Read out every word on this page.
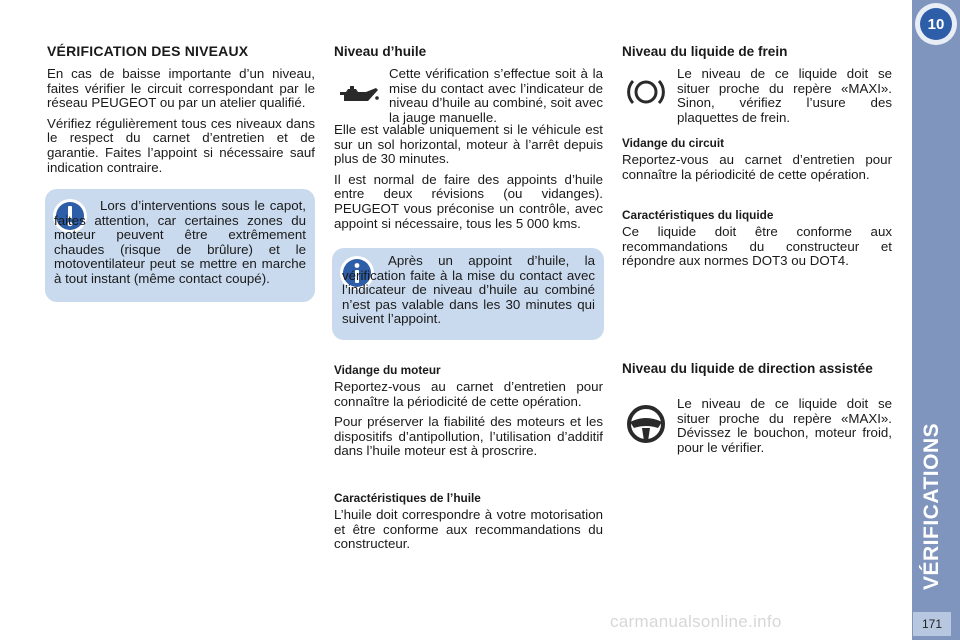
VÉRIFICATION DES NIVEAUX

En cas de baisse importante d’un niveau, faites vérifier le circuit correspondant par le réseau PEUGEOT ou par un atelier qualifié.

Vérifiez régulièrement tous ces niveaux dans le respect du carnet d’entretien et de garantie. Faites l’appoint si nécessaire sauf indication contraire.

Lors d’interventions sous le capot, faites attention, car certaines zones du moteur peuvent être extrêmement chaudes (risque de brûlure) et le motoventilateur peut se mettre en marche à tout instant (même contact coupé).
Niveau d’huile
Cette vérification s’effectue soit à la mise du contact avec l’indicateur de niveau d’huile au combiné, soit avec la jauge manuelle.

Elle est valable uniquement si le véhicule est sur un sol horizontal, moteur à l’arrêt depuis plus de 30 minutes.

Il est normal de faire des appoints d’huile entre deux révisions (ou vidanges). PEUGEOT vous préconise un contrôle, avec appoint si nécessaire, tous les 5 000 kms.

Après un appoint d’huile, la vérification faite à la mise du contact avec l’indicateur de niveau d’huile au combiné n’est pas valable dans les 30 minutes qui suivent l’appoint.
Vidange du moteur

Reportez-vous au carnet d’entretien pour connaître la périodicité de cette opération.

Pour préserver la fiabilité des moteurs et les dispositifs d’antipollution, l’utilisation d’additif dans l’huile moteur est à proscrire.

Caractéristiques de l’huile
L’huile doit correspondre à votre motorisation et être conforme aux recommandations du constructeur.
Niveau du liquide de frein
Le niveau de ce liquide doit se situer proche du repère «MAXI». Sinon, vérifiez l’usure des plaquettes de frein.
Vidange du circuit
Reportez-vous au carnet d’entretien pour connaître la périodicité de cette opération.
Caractéristiques du liquide
Ce liquide doit être conforme aux recommandations du constructeur et répondre aux normes DOT3 ou DOT4.
Niveau du liquide de direction assistée
Le niveau de ce liquide doit se situer proche du repère «MAXI». Dévissez le bouchon, moteur froid, pour le vérifier.
10
VÉRIFICATIONS
171
carmanualsonline.info
